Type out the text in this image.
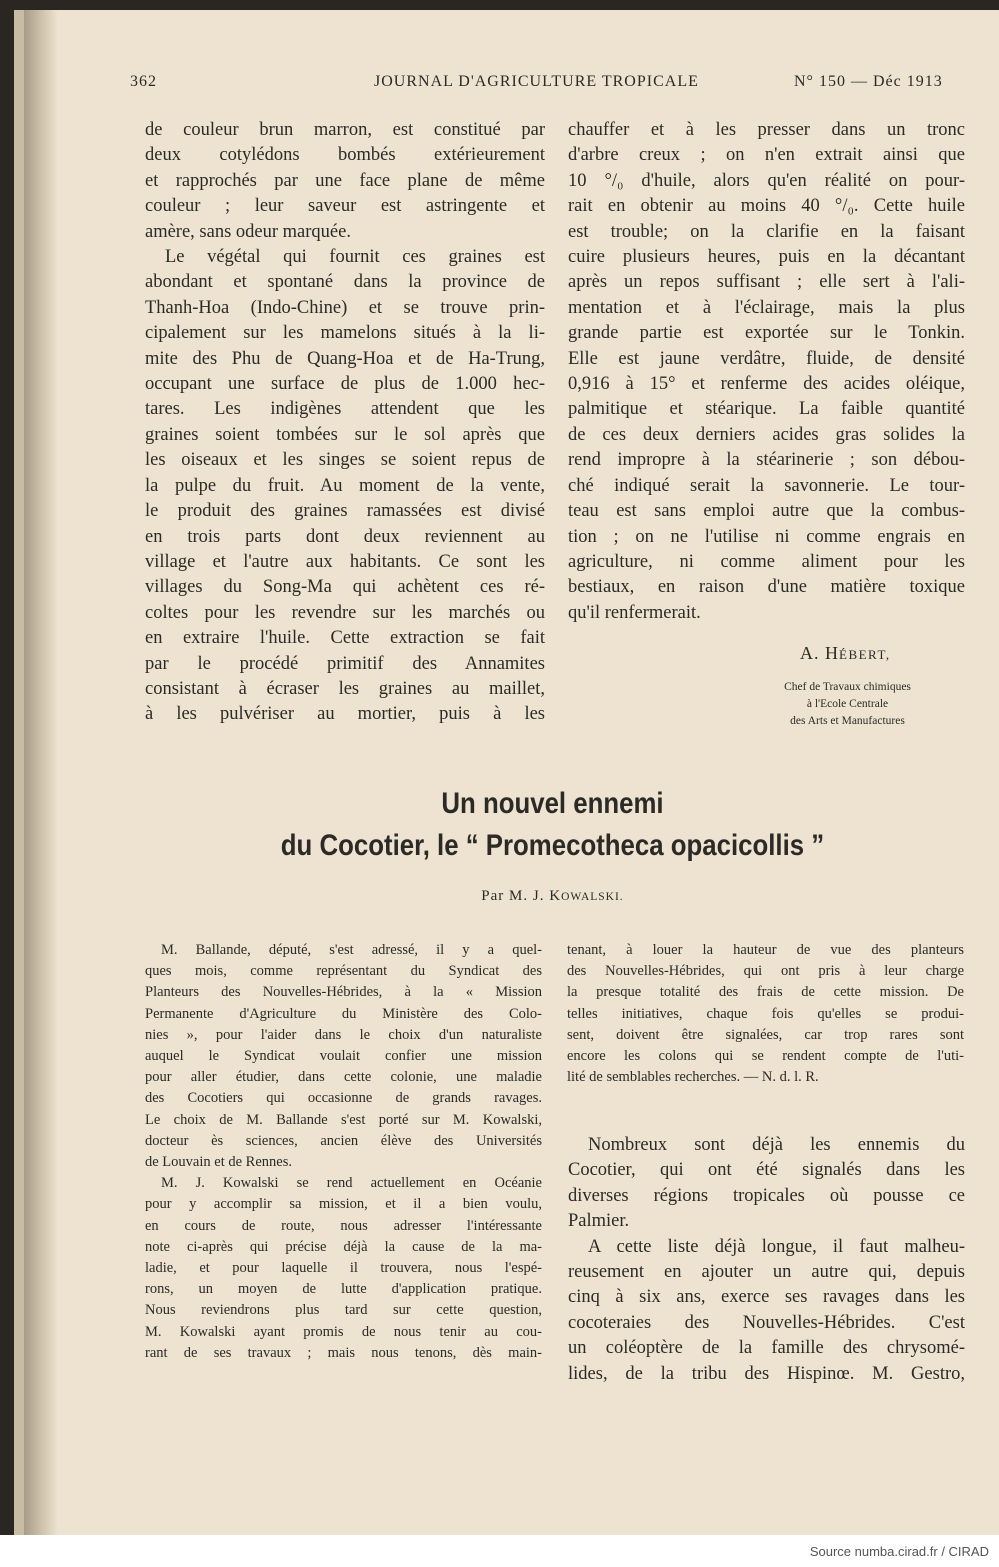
362	JOURNAL D'AGRICULTURE TROPICALE	N° 150 — Déc 1913
de couleur brun marron, est constitué par
deux cotylédons bombés extérieurement
et rapprochés par une face plane de même
couleur ; leur saveur est astringente et
amère, sans odeur marquée.
Le végétal qui fournit ces graines est
abondant et spontané dans la province de
Thanh-Hoa (Indo-Chine) et se trouve prin-
cipalement sur les mamelons situés à la li-
mite des Phu de Quang-Hoa et de Ha-Trung,
occupant une surface de plus de 1.000 hec-
tares. Les indigènes attendent que les
graines soient tombées sur le sol après que
les oiseaux et les singes se soient repus de
la pulpe du fruit. Au moment de la vente,
le produit des graines ramassées est divisé
en trois parts dont deux reviennent au
village et l'autre aux habitants. Ce sont les
villages du Song-Ma qui achètent ces ré-
coltes pour les revendre sur les marchés ou
en extraire l'huile. Cette extraction se fait
par le procédé primitif des Annamites
consistant à écraser les graines au maillet,
à les pulvériser au mortier, puis à les
chauffer et à les presser dans un tronc
d'arbre creux ; on n'en extrait ainsi que
10 °/₀ d'huile, alors qu'en réalité on pour-
rait en obtenir au moins 40 °/₀. Cette huile
est trouble; on la clarifie en la faisant
cuire plusieurs heures, puis en la décantant
après un repos suffisant ; elle sert à l'ali-
mentation et à l'éclairage, mais la plus
grande partie est exportée sur le Tonkin.
Elle est jaune verdâtre, fluide, de densité
0,916 à 15° et renferme des acides oléique,
palmitique et stéarique. La faible quantité
de ces deux derniers acides gras solides la
rend impropre à la stéarinerie ; son débou-
ché indiqué serait la savonnerie. Le tour-
teau est sans emploi autre que la combus-
tion ; on ne l'utilise ni comme engrais en
agriculture, ni comme aliment pour les
bestiaux, en raison d'une matière toxique
qu'il renfermerait.
A. HÉBERT,
Chef de Travaux chimiques
à l'Ecole Centrale
des Arts et Manufactures
Un nouvel ennemi
du Cocotier, le “ Promecotheca opacicollis ”
Par M. J. KOWALSKI.
M. Ballande, député, s'est adressé, il y a quel-
ques mois, comme représentant du Syndicat des
Planteurs des Nouvelles-Hébrides, à la « Mission
Permanente d'Agriculture du Ministère des Colo-
nies », pour l'aider dans le choix d'un naturaliste
auquel le Syndicat voulait confier une mission
pour aller étudier, dans cette colonie, une maladie
des Cocotiers qui occasionne de grands ravages.
Le choix de M. Ballande s'est porté sur M. Kowalski,
docteur ès sciences, ancien élève des Universités
de Louvain et de Rennes.
M. J. Kowalski se rend actuellement en Océanie
pour y accomplir sa mission, et il a bien voulu,
en cours de route, nous adresser l'intéressante
note ci-après qui précise déjà la cause de la ma-
ladie, et pour laquelle il trouvera, nous l'espé-
rons, un moyen de lutte d'application pratique.
Nous reviendrons plus tard sur cette question,
M. Kowalski ayant promis de nous tenir au cou-
rant de ses travaux ; mais nous tenons, dès main-
tenant, à louer la hauteur de vue des planteurs
des Nouvelles-Hébrides, qui ont pris à leur charge
la presque totalité des frais de cette mission. De
telles initiatives, chaque fois qu'elles se produi-
sent, doivent être signalées, car trop rares sont
encore les colons qui se rendent compte de l'uti-
lité de semblables recherches. — N. d. l. R.
Nombreux sont déjà les ennemis du
Cocotier, qui ont été signalés dans les
diverses régions tropicales où pousse ce
Palmier.
A cette liste déjà longue, il faut malheu-
reusement en ajouter un autre qui, depuis
cinq à six ans, exerce ses ravages dans les
cocoteraies des Nouvelles-Hébrides. C'est
un coléoptère de la famille des chrysomé-
lides, de la tribu des Hispinœ. M. Gestro,
Source numba.cirad.fr / CIRAD
